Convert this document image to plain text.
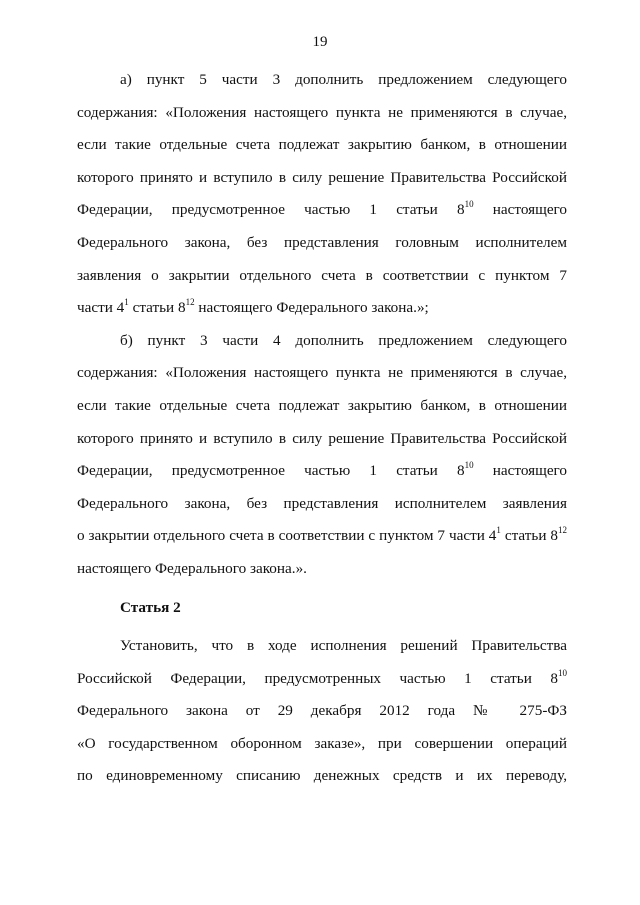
19
а) пункт 5 части 3 дополнить предложением следующего
содержания: «Положения настоящего пункта не применяются в случае,
если такие отдельные счета подлежат закрытию банком, в отношении
которого принято и вступило в силу решение Правительства Российской
Федерации, предусмотренное частью 1 статьи $8^{10}$ настоящего
Федерального закона, без представления головным исполнителем
заявления о закрытии отдельного счета в соответствии с пунктом 7
части $4^1$ статьи $8^{12}$ настоящего Федерального закона.»;
б) пункт 3 части 4 дополнить предложением следующего
содержания: «Положения настоящего пункта не применяются в случае,
если такие отдельные счета подлежат закрытию банком, в отношении
которого принято и вступило в силу решение Правительства Российской
Федерации, предусмотренное частью 1 статьи $8^{10}$ настоящего
Федерального закона, без представления исполнителем заявления
о закрытии отдельного счета в соответствии с пунктом 7 части $4^1$ статьи $8^{12}$
настоящего Федерального закона.».
Статья 2
Установить, что в ходе исполнения решений Правительства
Российской Федерации, предусмотренных частью 1 статьи $8^{10}$
Федерального закона от 29 декабря 2012 года № 275-ФЗ
«О государственном оборонном заказе», при совершении операций
по единовременному списанию денежных средств и их переводу,
